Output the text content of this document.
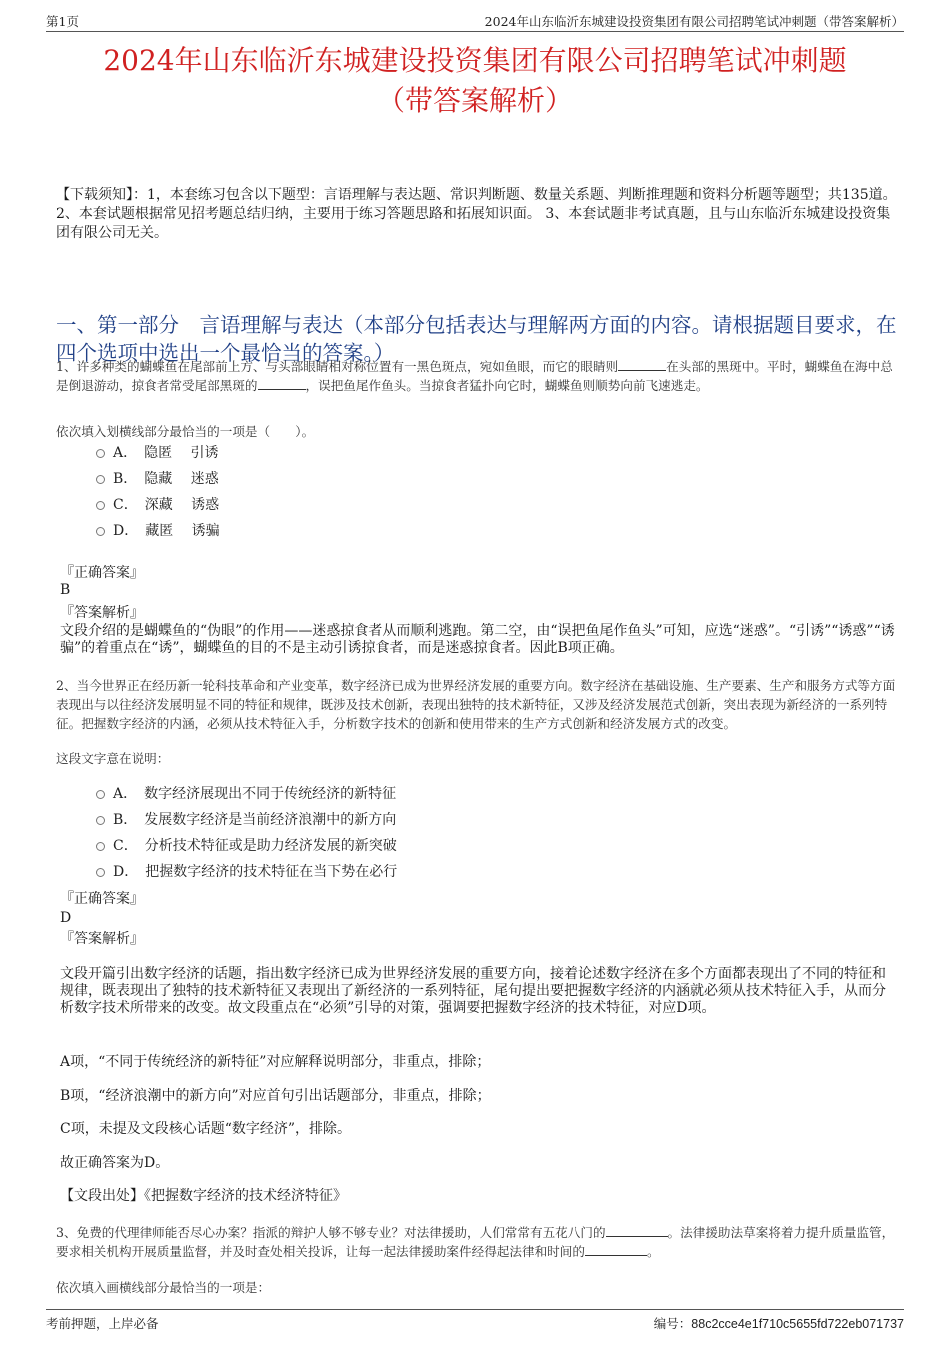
第1页	2024年山东临沂东城建设投资集团有限公司招聘笔试冲刺题（带答案解析）
2024年山东临沂东城建设投资集团有限公司招聘笔试冲刺题
（带答案解析）
【下载须知】：1，本套练习包含以下题型：言语理解与表达题、常识判断题、数量关系题、判断推理题和资料分析题等题型；共135道。 2、本套试题根据常见招考题总结归纳，主要用于练习答题思路和拓展知识面。 3、本套试题非考试真题，且与山东临沂东城建设投资集团有限公司无关。
一、第一部分　言语理解与表达（本部分包括表达与理解两方面的内容。请根据题目要求，在四个选项中选出一个最恰当的答案。）
1、许多种类的蝴蝶鱼在尾部前上方、与头部眼睛相对称位置有一黑色斑点，宛如鱼眼，而它的眼睛则	在头部的黑斑中。平时，蝴蝶鱼在海中总是倒退游动，掠食者常受尾部黑斑的	，误把鱼尾作鱼头。当掠食者猛扑向它时，蝴蝶鱼则顺势向前飞速逃走。
依次填入划横线部分最恰当的一项是（　　）。
A．　隐匿　 引诱
B．　隐藏　 迷惑
C．　深藏　 诱惑
D．　藏匿　 诱骗
『正确答案』
B
『答案解析』
文段介绍的是蝴蝶鱼的“伪眼”的作用——迷惑掠食者从而顺利逃跑。第二空，由“误把鱼尾作鱼头”可知，应选“迷惑”。“引诱”“诱惑”“诱骗”的着重点在“诱”，蝴蝶鱼的目的不是主动引诱掠食者，而是迷惑掠食者。因此B项正确。
2、当今世界正在经历新一轮科技革命和产业变革，数字经济已成为世界经济发展的重要方向。数字经济在基础设施、生产要素、生产和服务方式等方面表现出与以往经济发展明显不同的特征和规律，既涉及技术创新，表现出独特的技术新特征，又涉及经济发展范式创新，突出表现为新经济的一系列特征。把握数字经济的内涵，必须从技术特征入手，分析数字技术的创新和使用带来的生产方式创新和经济发展方式的改变。
这段文字意在说明：
A．　数字经济展现出不同于传统经济的新特征
B．　发展数字经济是当前经济浪潮中的新方向
C．　分析技术特征或是助力经济发展的新突破
D．　把握数字经济的技术特征在当下势在必行
『正确答案』
D
『答案解析』
文段开篇引出数字经济的话题，指出数字经济已成为世界经济发展的重要方向，接着论述数字经济在多个方面都表现出了不同的特征和规律，既表现出了独特的技术新特征又表现出了新经济的一系列特征，尾句提出要把握数字经济的内涵就必须从技术特征入手，从而分析数字技术所带来的改变。故文段重点在“必须”引导的对策，强调要把握数字经济的技术特征，对应D项。
A项，“不同于传统经济的新特征”对应解释说明部分，非重点，排除；
B项，“经济浪潮中的新方向”对应首句引出话题部分，非重点，排除；
C项，未提及文段核心话题“数字经济”，排除。
故正确答案为D。
【文段出处】《把握数字经济的技术经济特征》
3、免费的代理律师能否尽心办案？指派的辩护人够不够专业？对法律援助，人们常常有五花八门的	。法律援助法草案将着力提升质量监管，要求相关机构开展质量监督，并及时查处相关投诉，让每一起法律援助案件经得起法律和时间的	。
依次填入画横线部分最恰当的一项是：
考前押题，上岸必备	编号：88c2cce4e1f710c5655fd722eb071737
